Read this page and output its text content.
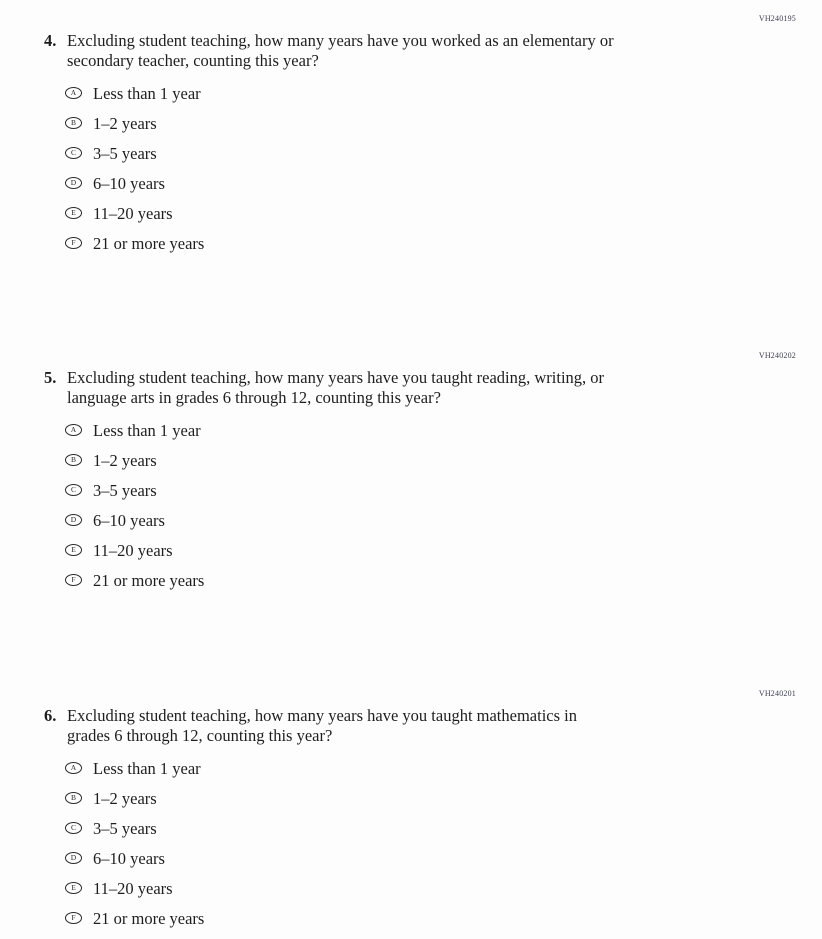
VH240195
4. Excluding student teaching, how many years have you worked as an elementary or
secondary teacher, counting this year?
A Less than 1 year
B 1–2 years
C 3–5 years
D 6–10 years
E 11–20 years
F 21 or more years
VH240202
5. Excluding student teaching, how many years have you taught reading, writing, or
language arts in grades 6 through 12, counting this year?
A Less than 1 year
B 1–2 years
C 3–5 years
D 6–10 years
E 11–20 years
F 21 or more years
VH240201
6. Excluding student teaching, how many years have you taught mathematics in
grades 6 through 12, counting this year?
A Less than 1 year
B 1–2 years
C 3–5 years
D 6–10 years
E 11–20 years
F 21 or more years
